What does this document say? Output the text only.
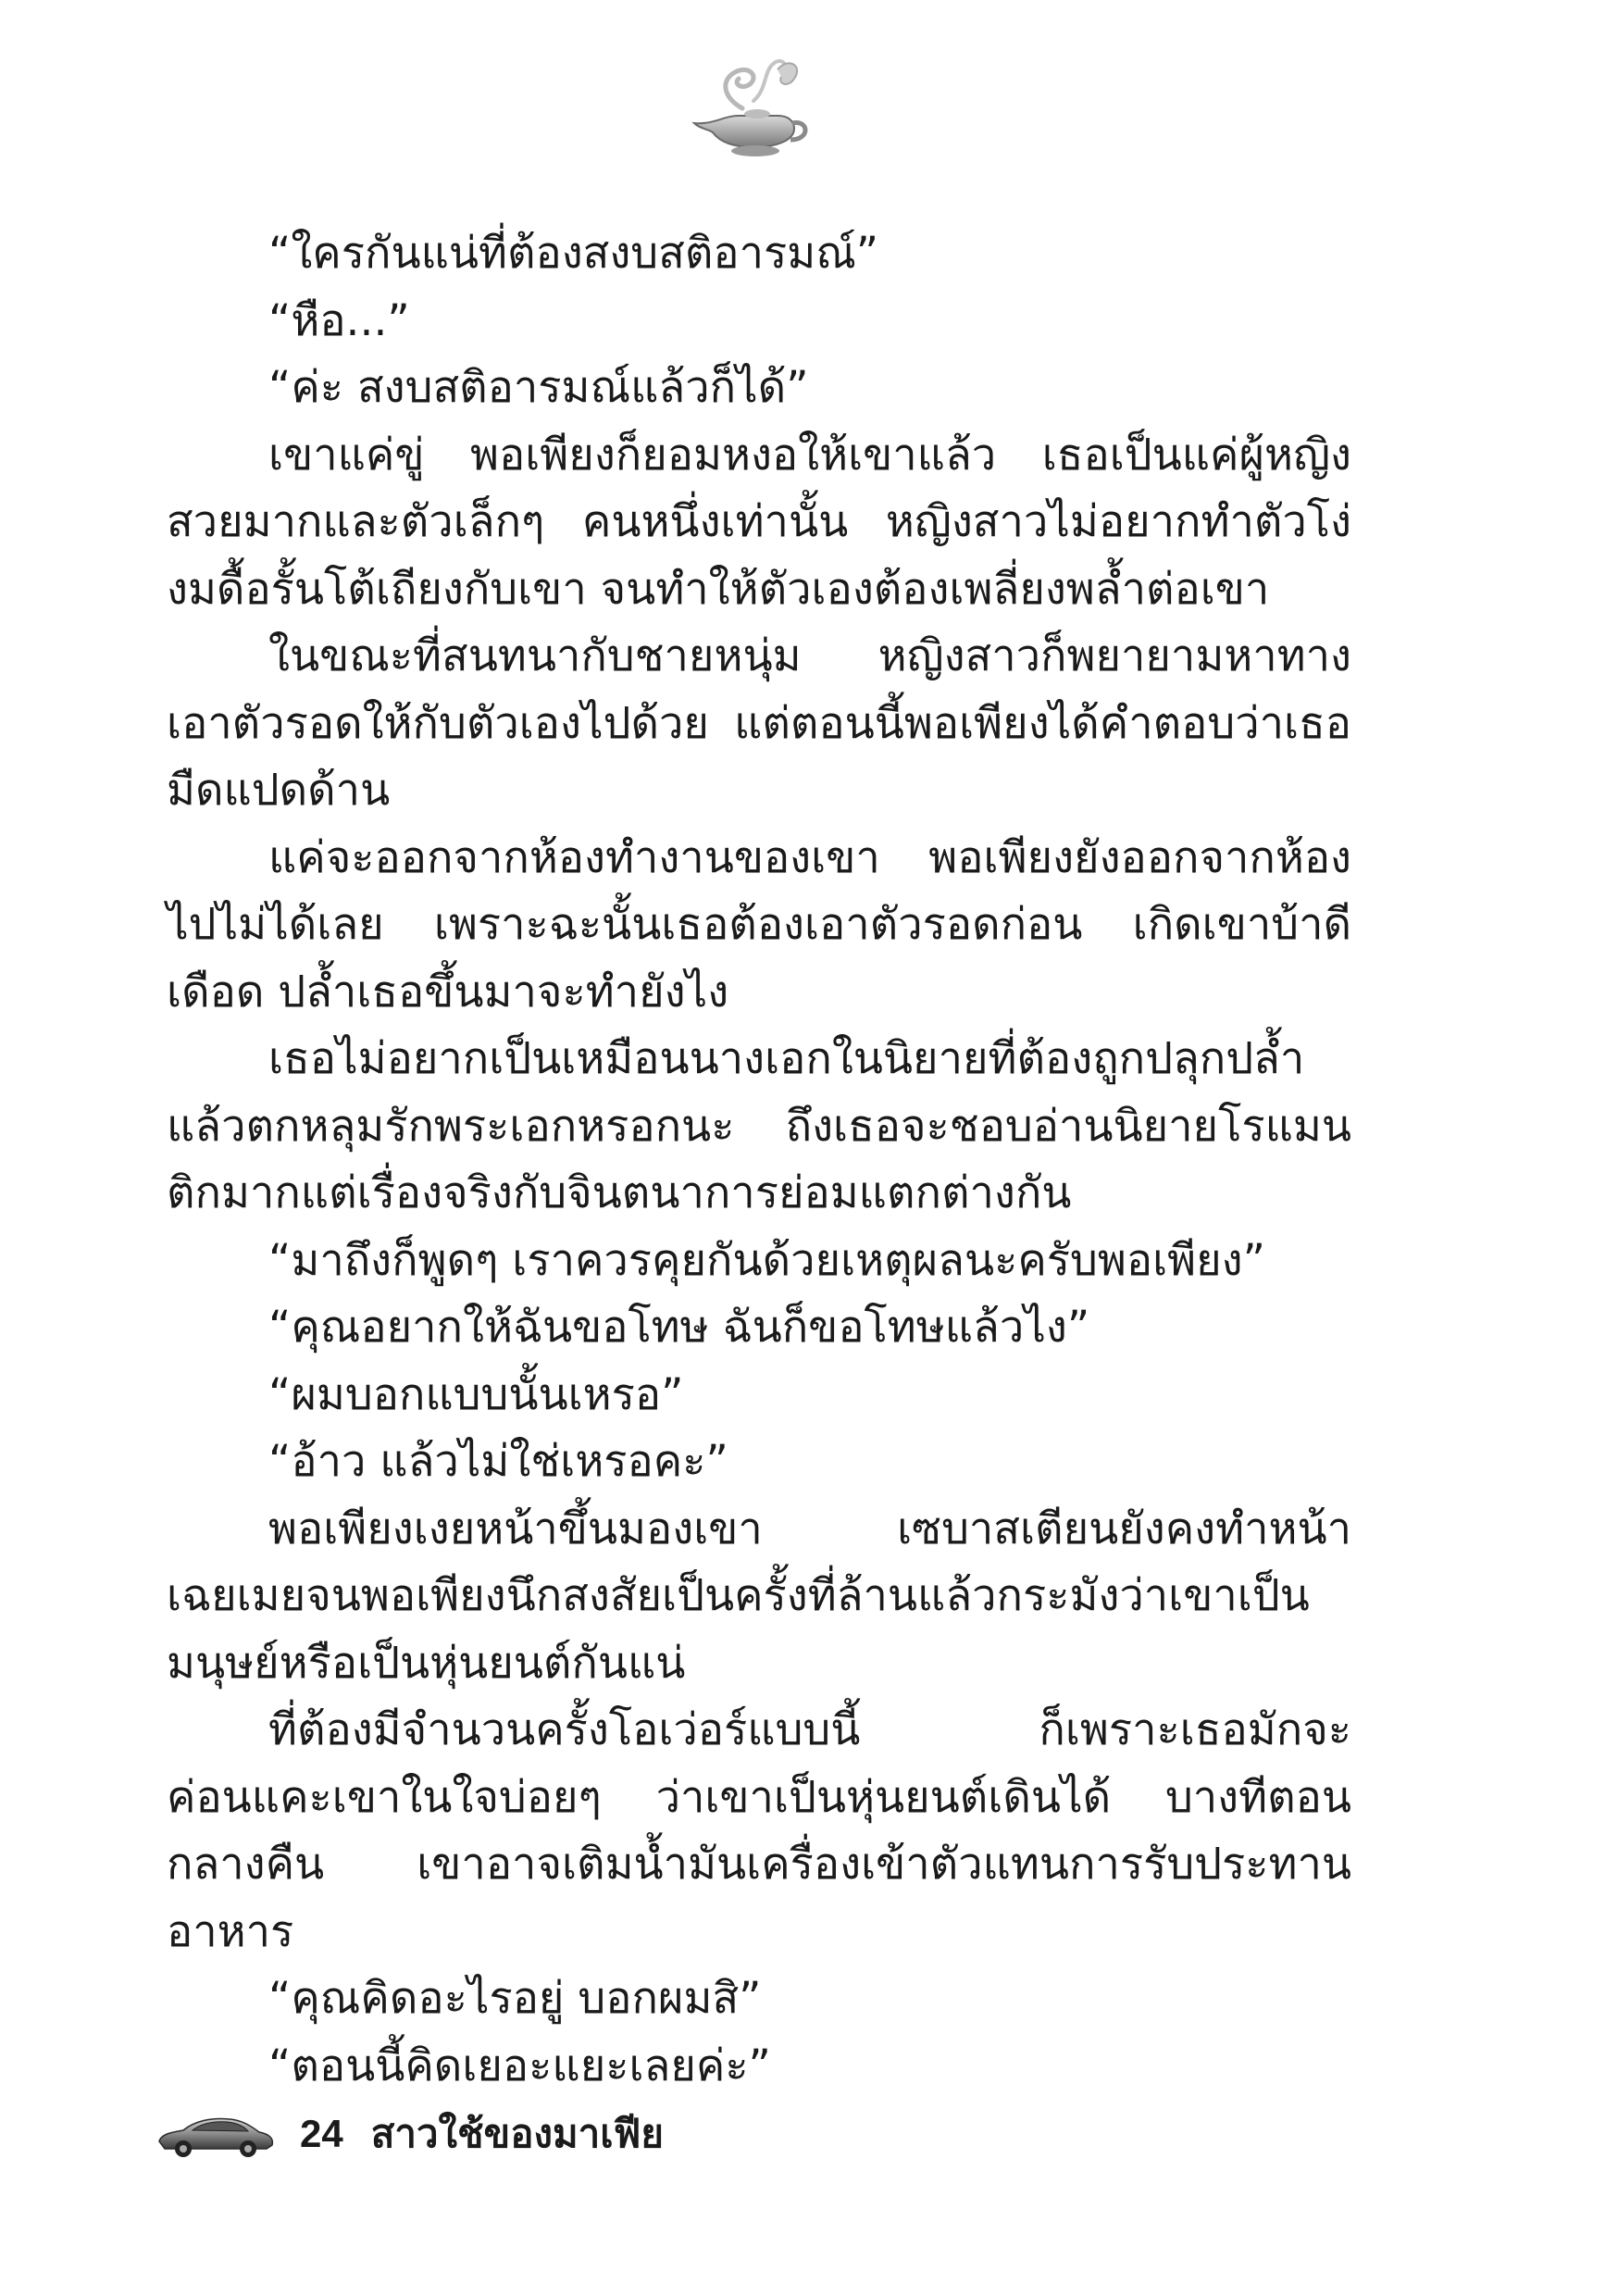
“ใครกันแน่ที่ต้องสงบสติอารมณ์”

“หือ...”

“ค่ะ สงบสติอารมณ์แล้วก็ได้”

เขาแค่ขู่ พอเพียงก็ยอมหงอให้เขาแล้ว เธอเป็นแค่ผู้หญิงสวยมากและตัวเล็กๆ คนหนึ่งเท่านั้น หญิงสาวไม่อยากทำตัวโง่งมดื้อรั้นโต้เถียงกับเขา จนทำให้ตัวเองต้องเพลี่ยงพล้ำต่อเขา

ในขณะที่สนทนากับชายหนุ่ม หญิงสาวก็พยายามหาทางเอาตัวรอดให้กับตัวเองไปด้วย แต่ตอนนี้พอเพียงได้คำตอบว่าเธอมืดแปดด้าน

แค่จะออกจากห้องทำงานของเขา พอเพียงยังออกจากห้องไปไม่ได้เลย เพราะฉะนั้นเธอต้องเอาตัวรอดก่อน เกิดเขาบ้าดีเดือด ปล้ำเธอขึ้นมาจะทำยังไง

เธอไม่อยากเป็นเหมือนนางเอกในนิยายที่ต้องถูกปลุกปล้ำแล้วตกหลุมรักพระเอกหรอกนะ ถึงเธอจะชอบอ่านนิยายโรแมนติกมากแต่เรื่องจริงกับจินตนาการย่อมแตกต่างกัน

“มาถึงก็พูดๆ เราควรคุยกันด้วยเหตุผลนะครับพอเพียง”

“คุณอยากให้ฉันขอโทษ ฉันก็ขอโทษแล้วไง”

“ผมบอกแบบนั้นเหรอ”

“อ้าว แล้วไม่ใช่เหรอคะ”

พอเพียงเงยหน้าขึ้นมองเขา เซบาสเตียนยังคงทำหน้าเฉยเมยจนพอเพียงนึกสงสัยเป็นครั้งที่ล้านแล้วกระมังว่าเขาเป็นมนุษย์หรือเป็นหุ่นยนต์กันแน่

ที่ต้องมีจำนวนครั้งโอเว่อร์แบบนี้ ก็เพราะเธอมักจะค่อนแคะเขาในใจบ่อยๆ ว่าเขาเป็นหุ่นยนต์เดินได้ บางทีตอนกลางคืน เขาอาจเติมน้ำมันเครื่องเข้าตัวแทนการรับประทานอาหาร

“คุณคิดอะไรอยู่ บอกผมสิ”

“ตอนนี้คิดเยอะแยะเลยค่ะ”

24 สาวใช้ของมาเฟีย
